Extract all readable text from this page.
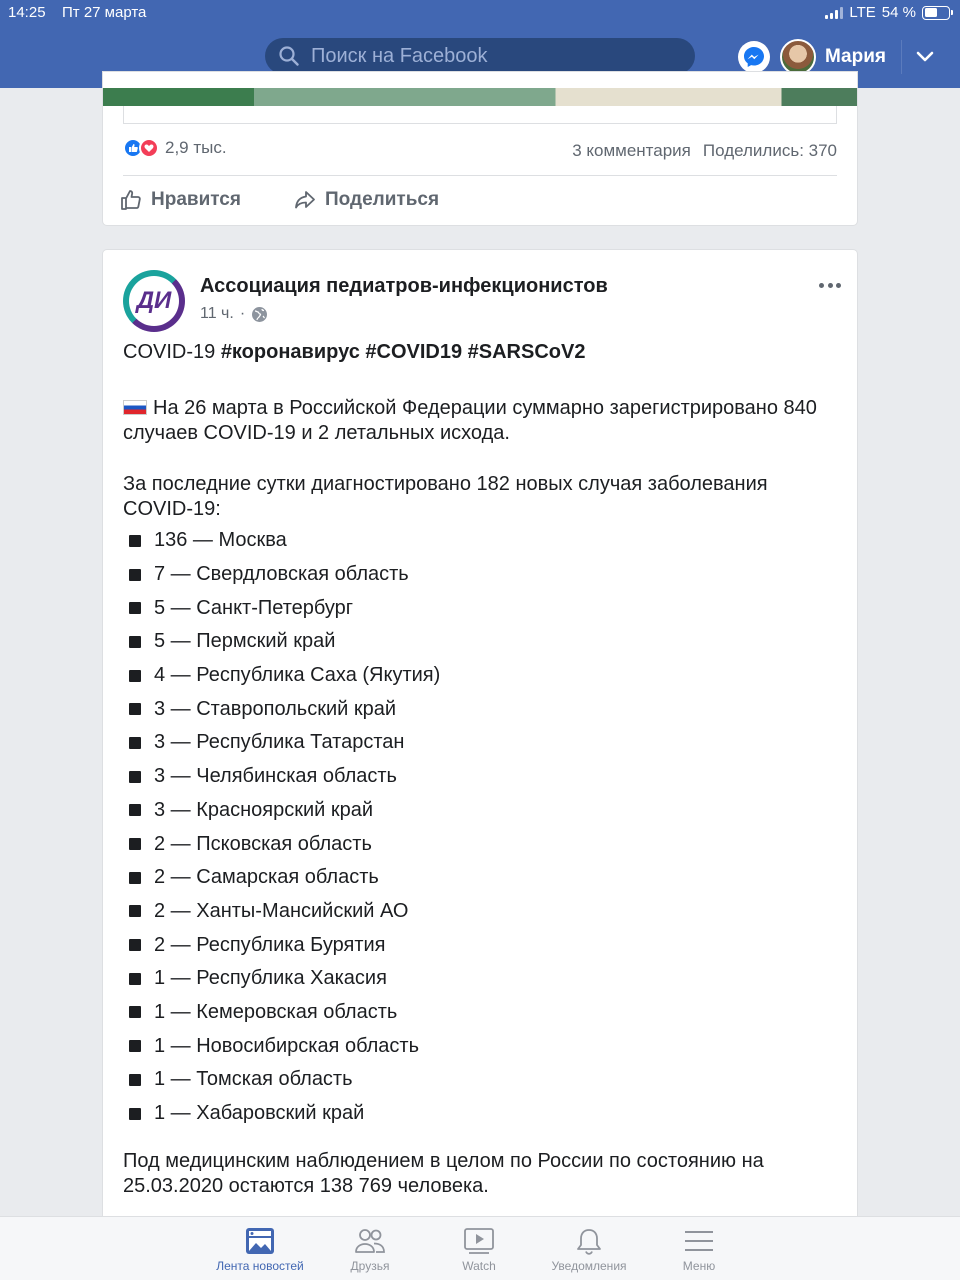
14:25 Пт 27 марта	LTE 54 %
Поиск на Facebook
Мария
2,9 тыс.	3 комментария Поделились: 370
Нравится	Поделиться
ДИ
Ассоциация педиатров-инфекционистов
11 ч. ·

COVID-19 #коронавирус #COVID19 #SARSCoV2

На 26 марта в Российской Федерации суммарно зарегистрировано 840 случаев COVID-19 и 2 летальных исхода.

За последние сутки диагностировано 182 новых случая заболевания COVID-19:

136 — Москва
7 — Свердловская область
5 — Санкт-Петербург
5 — Пермский край
4 — Республика Саха (Якутия)
3 — Ставропольский край
3 — Республика Татарстан
3 — Челябинская область
3 — Красноярский край
2 — Псковская область
2 — Самарская область
2 — Ханты-Мансийский АО
2 — Республика Бурятия
1 — Республика Хакасия
1 — Кемеровская область
1 — Новосибирская область
1 — Томская область
1 — Хабаровский край

Под медицинским наблюдением в целом по России по состоянию на 25.03.2020 остаются 138 769 человека.

Лента новостей	Друзья	Watch	Уведомления	Меню
